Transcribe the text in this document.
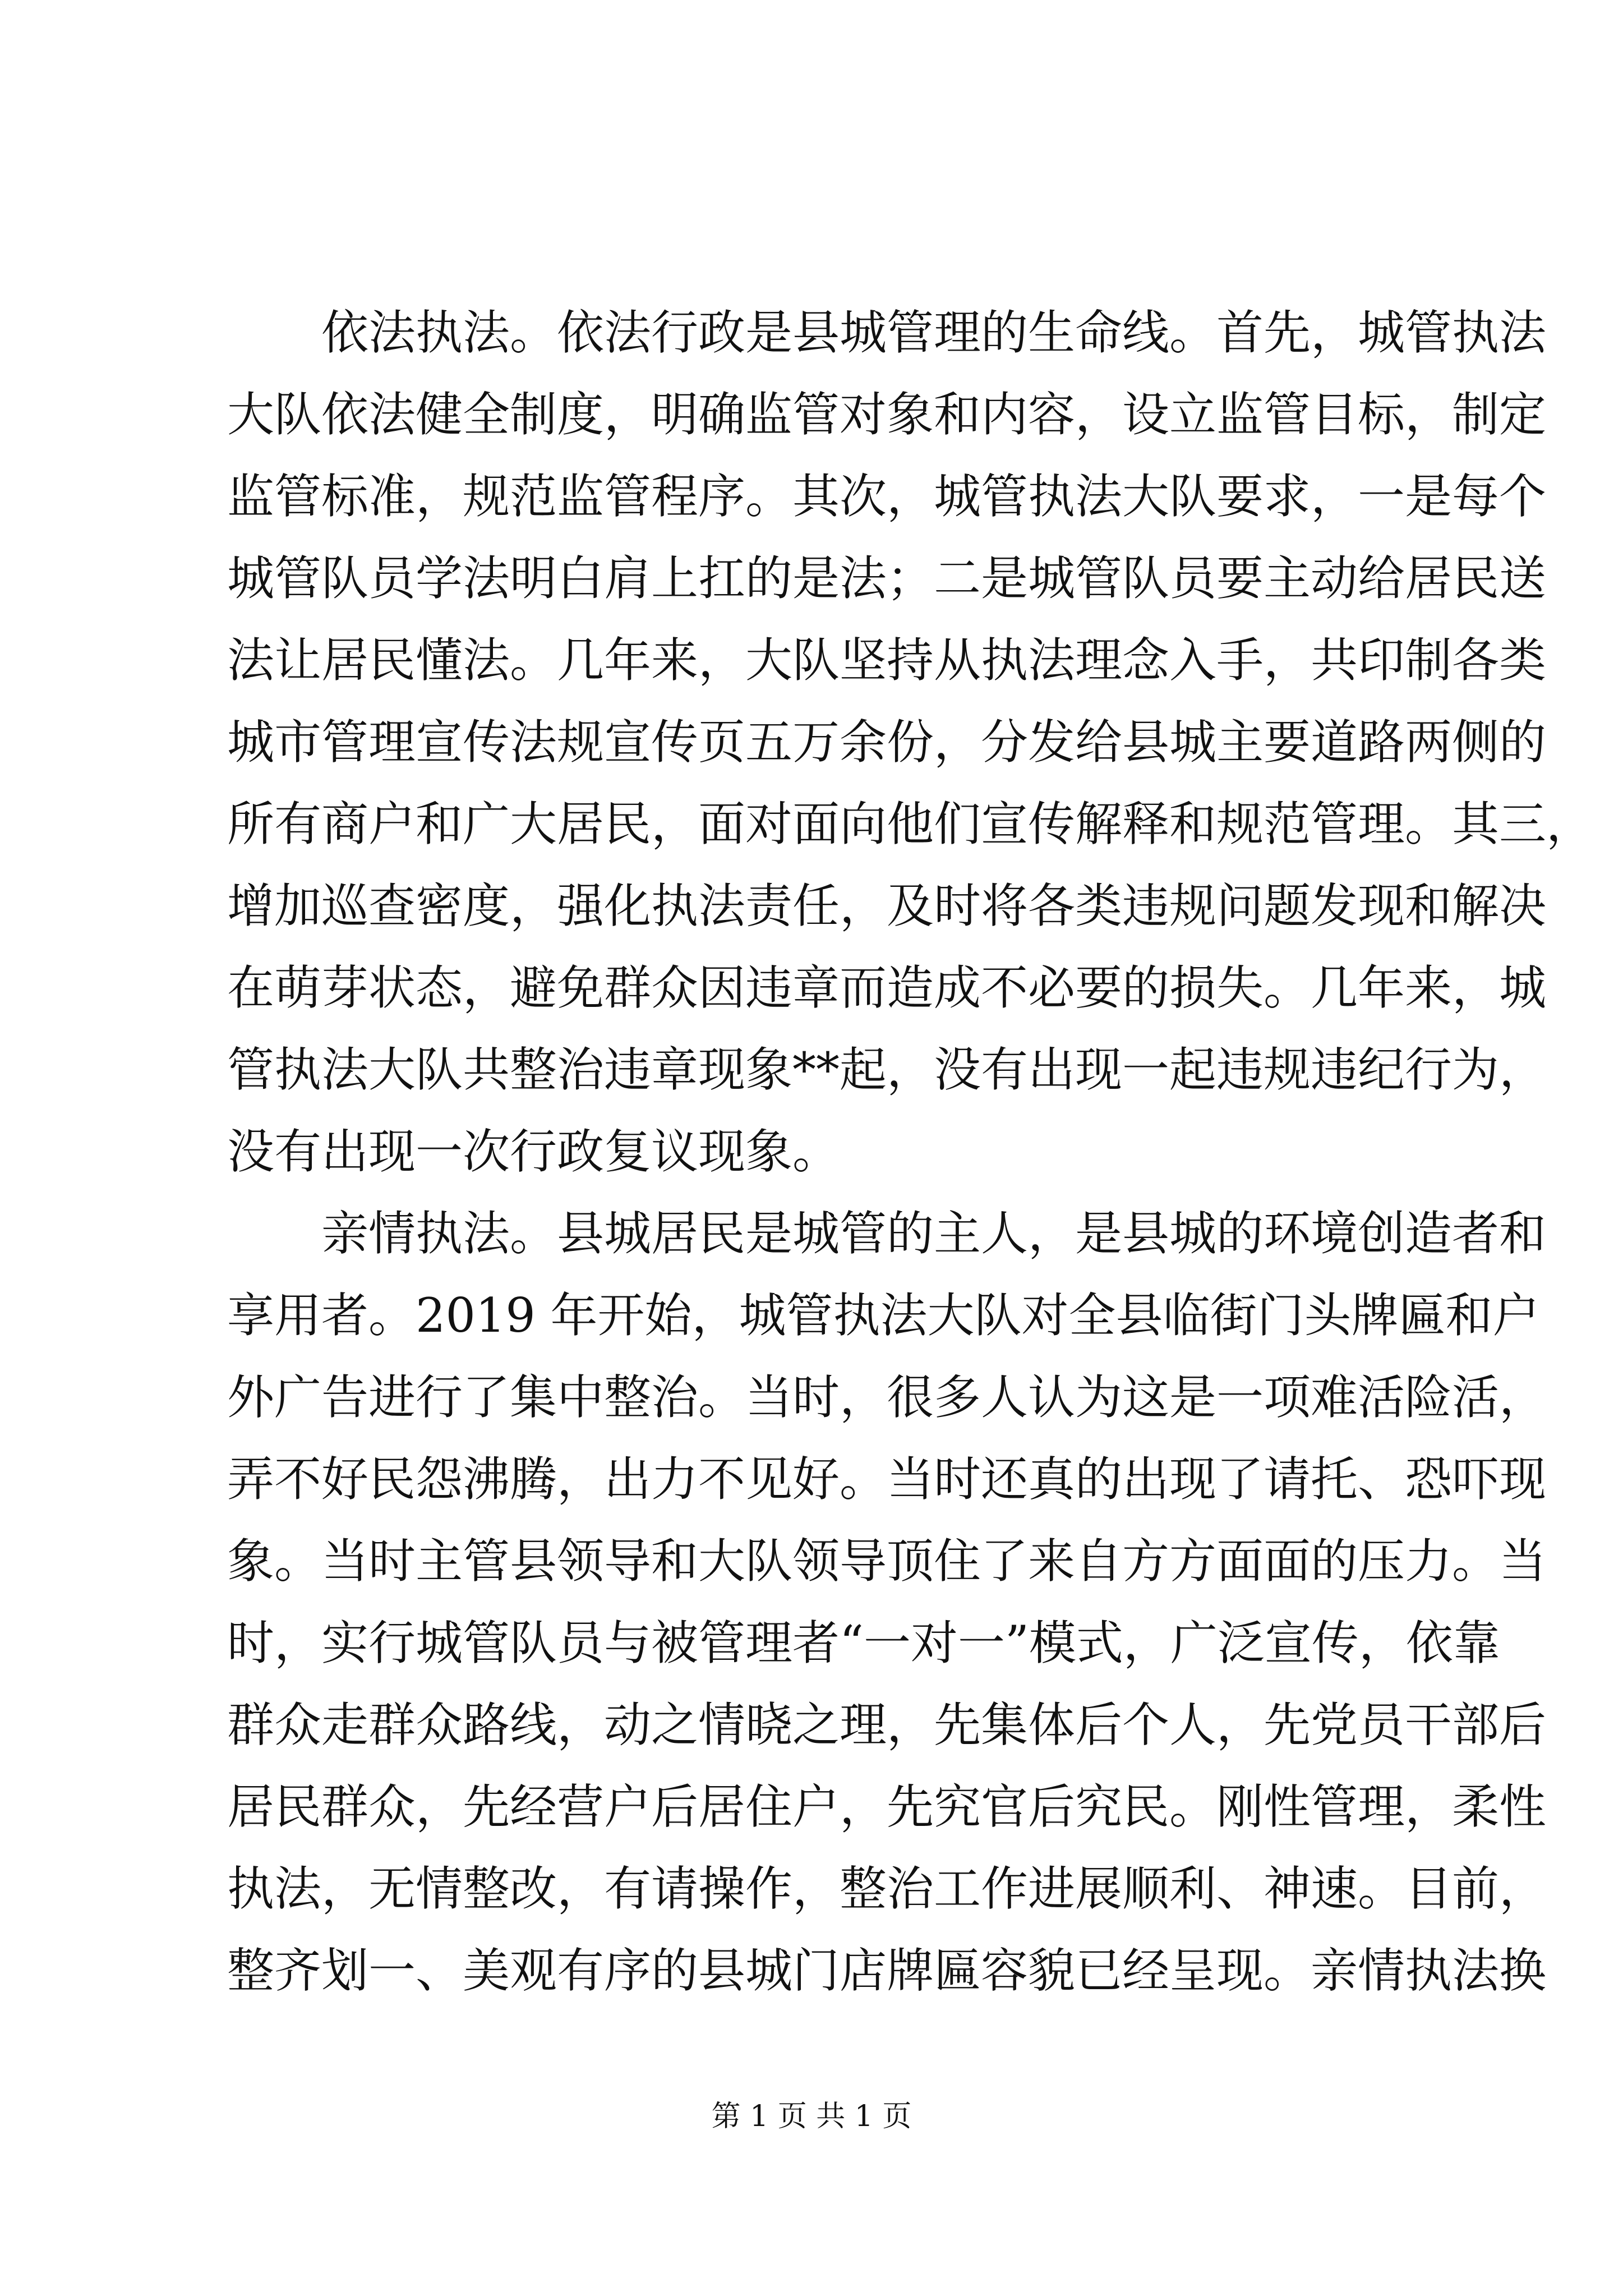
依法执法。依法行政是县城管理的生命线。首先，城管执法
大队依法健全制度，明确监管对象和内容，设立监管目标，制定
监管标准，规范监管程序。其次，城管执法大队要求，一是每个
城管队员学法明白肩上扛的是法；二是城管队员要主动给居民送
法让居民懂法。几年来，大队坚持从执法理念入手，共印制各类
城市管理宣传法规宣传页五万余份，分发给县城主要道路两侧的
所有商户和广大居民，面对面向他们宣传解释和规范管理。其三，
增加巡查密度，强化执法责任，及时将各类违规问题发现和解决
在萌芽状态，避免群众因违章而造成不必要的损失。几年来，城
管执法大队共整治违章现象**起，没有出现一起违规违纪行为，
没有出现一次行政复议现象。
亲情执法。县城居民是城管的主人，是县城的环境创造者和
享用者。2019 年开始，城管执法大队对全县临街门头牌匾和户
外广告进行了集中整治。当时，很多人认为这是一项难活险活，
弄不好民怨沸腾，出力不见好。当时还真的出现了请托、恐吓现
象。当时主管县领导和大队领导顶住了来自方方面面的压力。当
时，实行城管队员与被管理者“一对一”模式，广泛宣传，依靠
群众走群众路线，动之情晓之理，先集体后个人，先党员干部后
居民群众，先经营户后居住户，先究官后究民。刚性管理，柔性
执法，无情整改，有请操作，整治工作进展顺利、神速。目前，
整齐划一、美观有序的县城门店牌匾容貌已经呈现。亲情执法换
第 1 页 共 1 页
